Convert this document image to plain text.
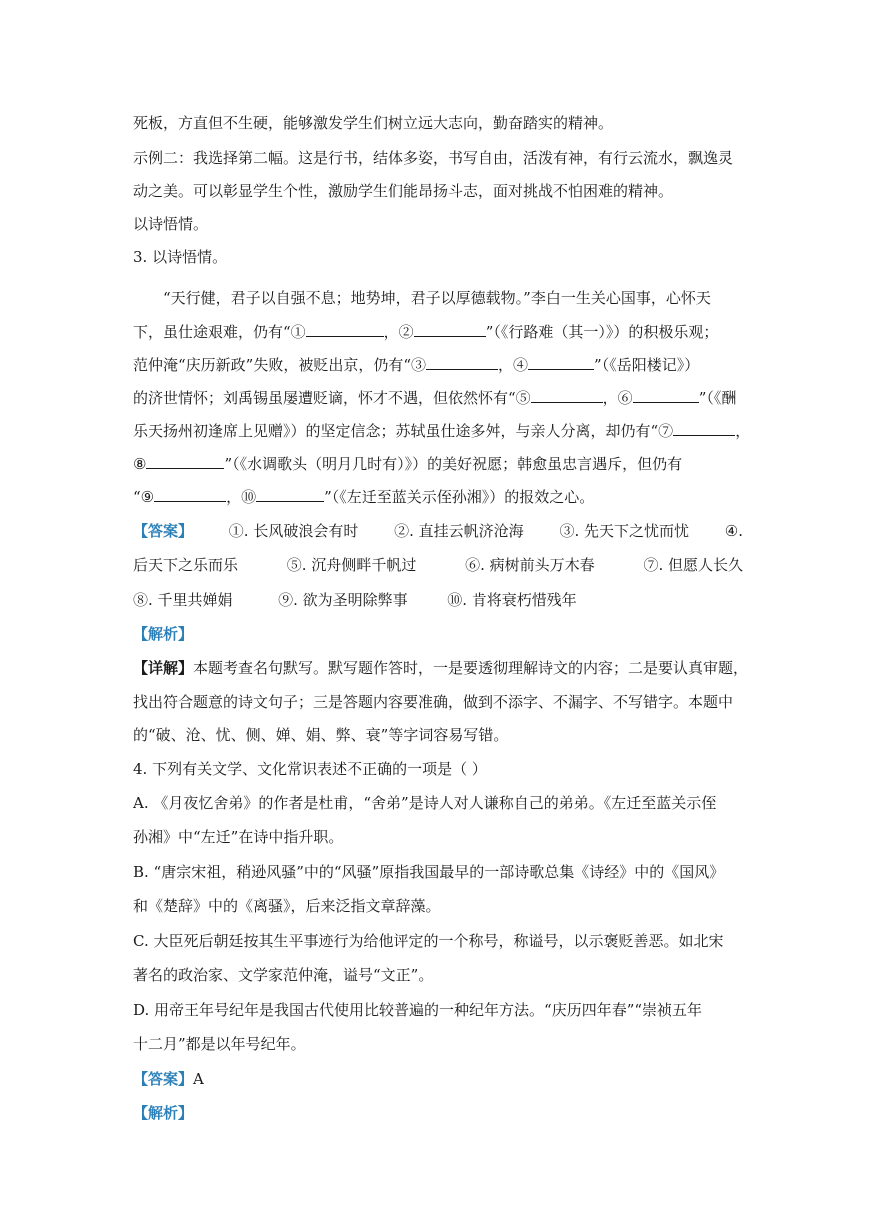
死板，方直但不生硬，能够激发学生们树立远大志向，勤奋踏实的精神。
示例二：我选择第二幅。这是行书，结体多姿，书写自由，活泼有神，有行云流水，飘逸灵
动之美。可以彰显学生个性，激励学生们能昂扬斗志，面对挑战不怕困难的精神。
以诗悟情。
3. 以诗悟情。
“天行健，君子以自强不息；地势坤，君子以厚德载物。”李白一生关心国事，心怀天
下，虽仕途艰难，仍有“①	，②	”（《行路难（其一）》）的积极乐观；
范仲淹“庆历新政”失败，被贬出京，仍有“③	，④	”（《岳阳楼记》）
的济世情怀；刘禹锡虽屡遭贬谪，怀才不遇，但依然怀有“⑤	，⑥	”（《酬
乐天扬州初逢席上见赠》）的坚定信念；苏轼虽仕途多舛，与亲人分离，却仍有“⑦	，
⑧	”（《水调歌头（明月几时有）》）的美好祝愿；韩愈虽忠言遇斥，但仍有
“⑨	，⑩	”（《左迁至蓝关示侄孙湘》）的报效之心。
【答案】 ①. 长风破浪会有时 ②. 直挂云帆济沧海 ③. 先天下之忧而忧 ④.
后天下之乐而乐	⑤. 沉舟侧畔千帆过	⑥. 病树前头万木春	⑦. 但愿人长久
⑧. 千里共婵娟	⑨. 欲为圣明除弊事	⑩. 肯将衰朽惜残年
【解析】
【详解】本题考查名句默写。默写题作答时，一是要透彻理解诗文的内容；二是要认真审题，
找出符合题意的诗文句子；三是答题内容要准确，做到不添字、不漏字、不写错字。本题中
的“破、沧、忧、侧、婵、娟、弊、衰”等字词容易写错。
4. 下列有关文学、文化常识表述不正确的一项是（ ）
A. 《月夜忆舍弟》的作者是杜甫，“舍弟”是诗人对人谦称自己的弟弟。《左迁至蓝关示侄
孙湘》中“左迁”在诗中指升职。
B. “唐宗宋祖，稍逊风骚”中的“风骚”原指我国最早的一部诗歌总集《诗经》中的《国风》
和《楚辞》中的《离骚》，后来泛指文章辞藻。
C. 大臣死后朝廷按其生平事迹行为给他评定的一个称号，称谥号，以示褒贬善恶。如北宋
著名的政治家、文学家范仲淹，谥号“文正”。
D. 用帝王年号纪年是我国古代使用比较普遍的一种纪年方法。“庆历四年春”“崇祯五年
十二月”都是以年号纪年。
【答案】A
【解析】
